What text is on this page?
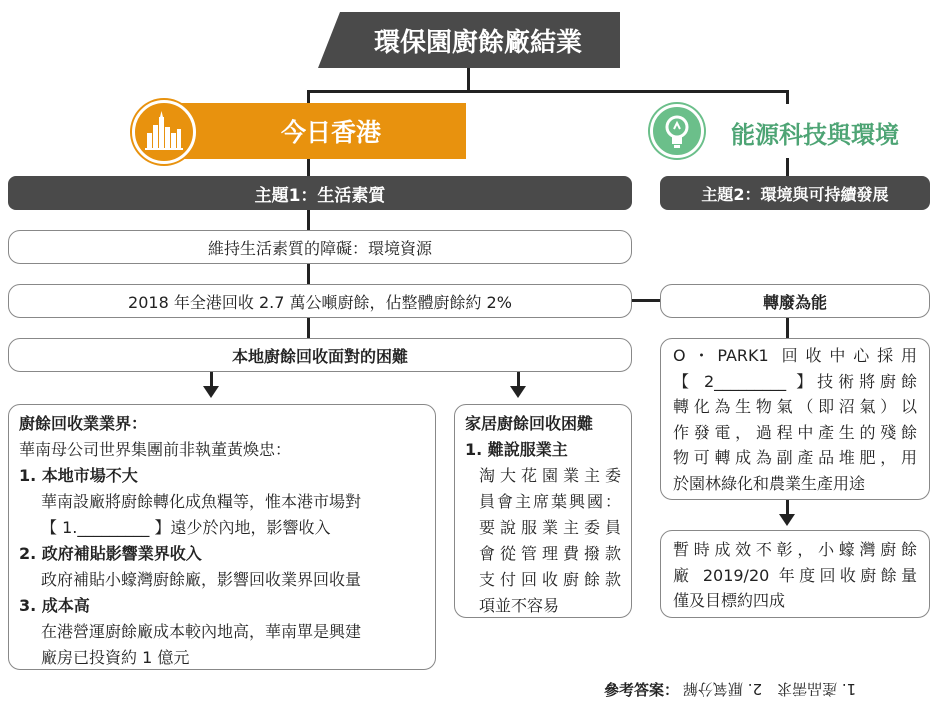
環保園廚餘廠結業
今日香港	能源科技與環境
主題1：生活素質	主題2：環境與可持續發展
維持生活素質的障礙：環境資源
2018 年全港回收 2.7 萬公噸廚餘，佔整體廚餘約 2%	轉廢為能
本地廚餘回收面對的困難
廚餘回收業業界：
華南母公司世界集團前非執董黃煥忠：
1. 本地市場不大
華南設廠將廚餘轉化成魚糧等，惟本港市場對
【 1._________ 】遠少於內地，影響收入
2. 政府補貼影響業界收入
政府補貼小蠔灣廚餘廠，影響回收業界回收量
3. 成本高
在港營運廚餘廠成本較內地高，華南單是興建
廠房已投資約 1 億元
家居廚餘回收困難
1. 難說服業主
淘大花園業主委
員會主席葉興國：
要說服業主委員
會從管理費撥款
支付回收廚餘款
項並不容易
O・PARK1 回收中心採用
【 2_________ 】技術將廚餘
轉化為生物氣（即沼氣）以
作發電，過程中產生的殘餘
物可轉成為副產品堆肥，用
於園林綠化和農業生產用途
暫時成效不彰，小蠔灣廚餘
廠 2019/20 年度回收廚餘量
僅及目標約四成
參考答案： 1. 產品需求　2. 厭氧分解
